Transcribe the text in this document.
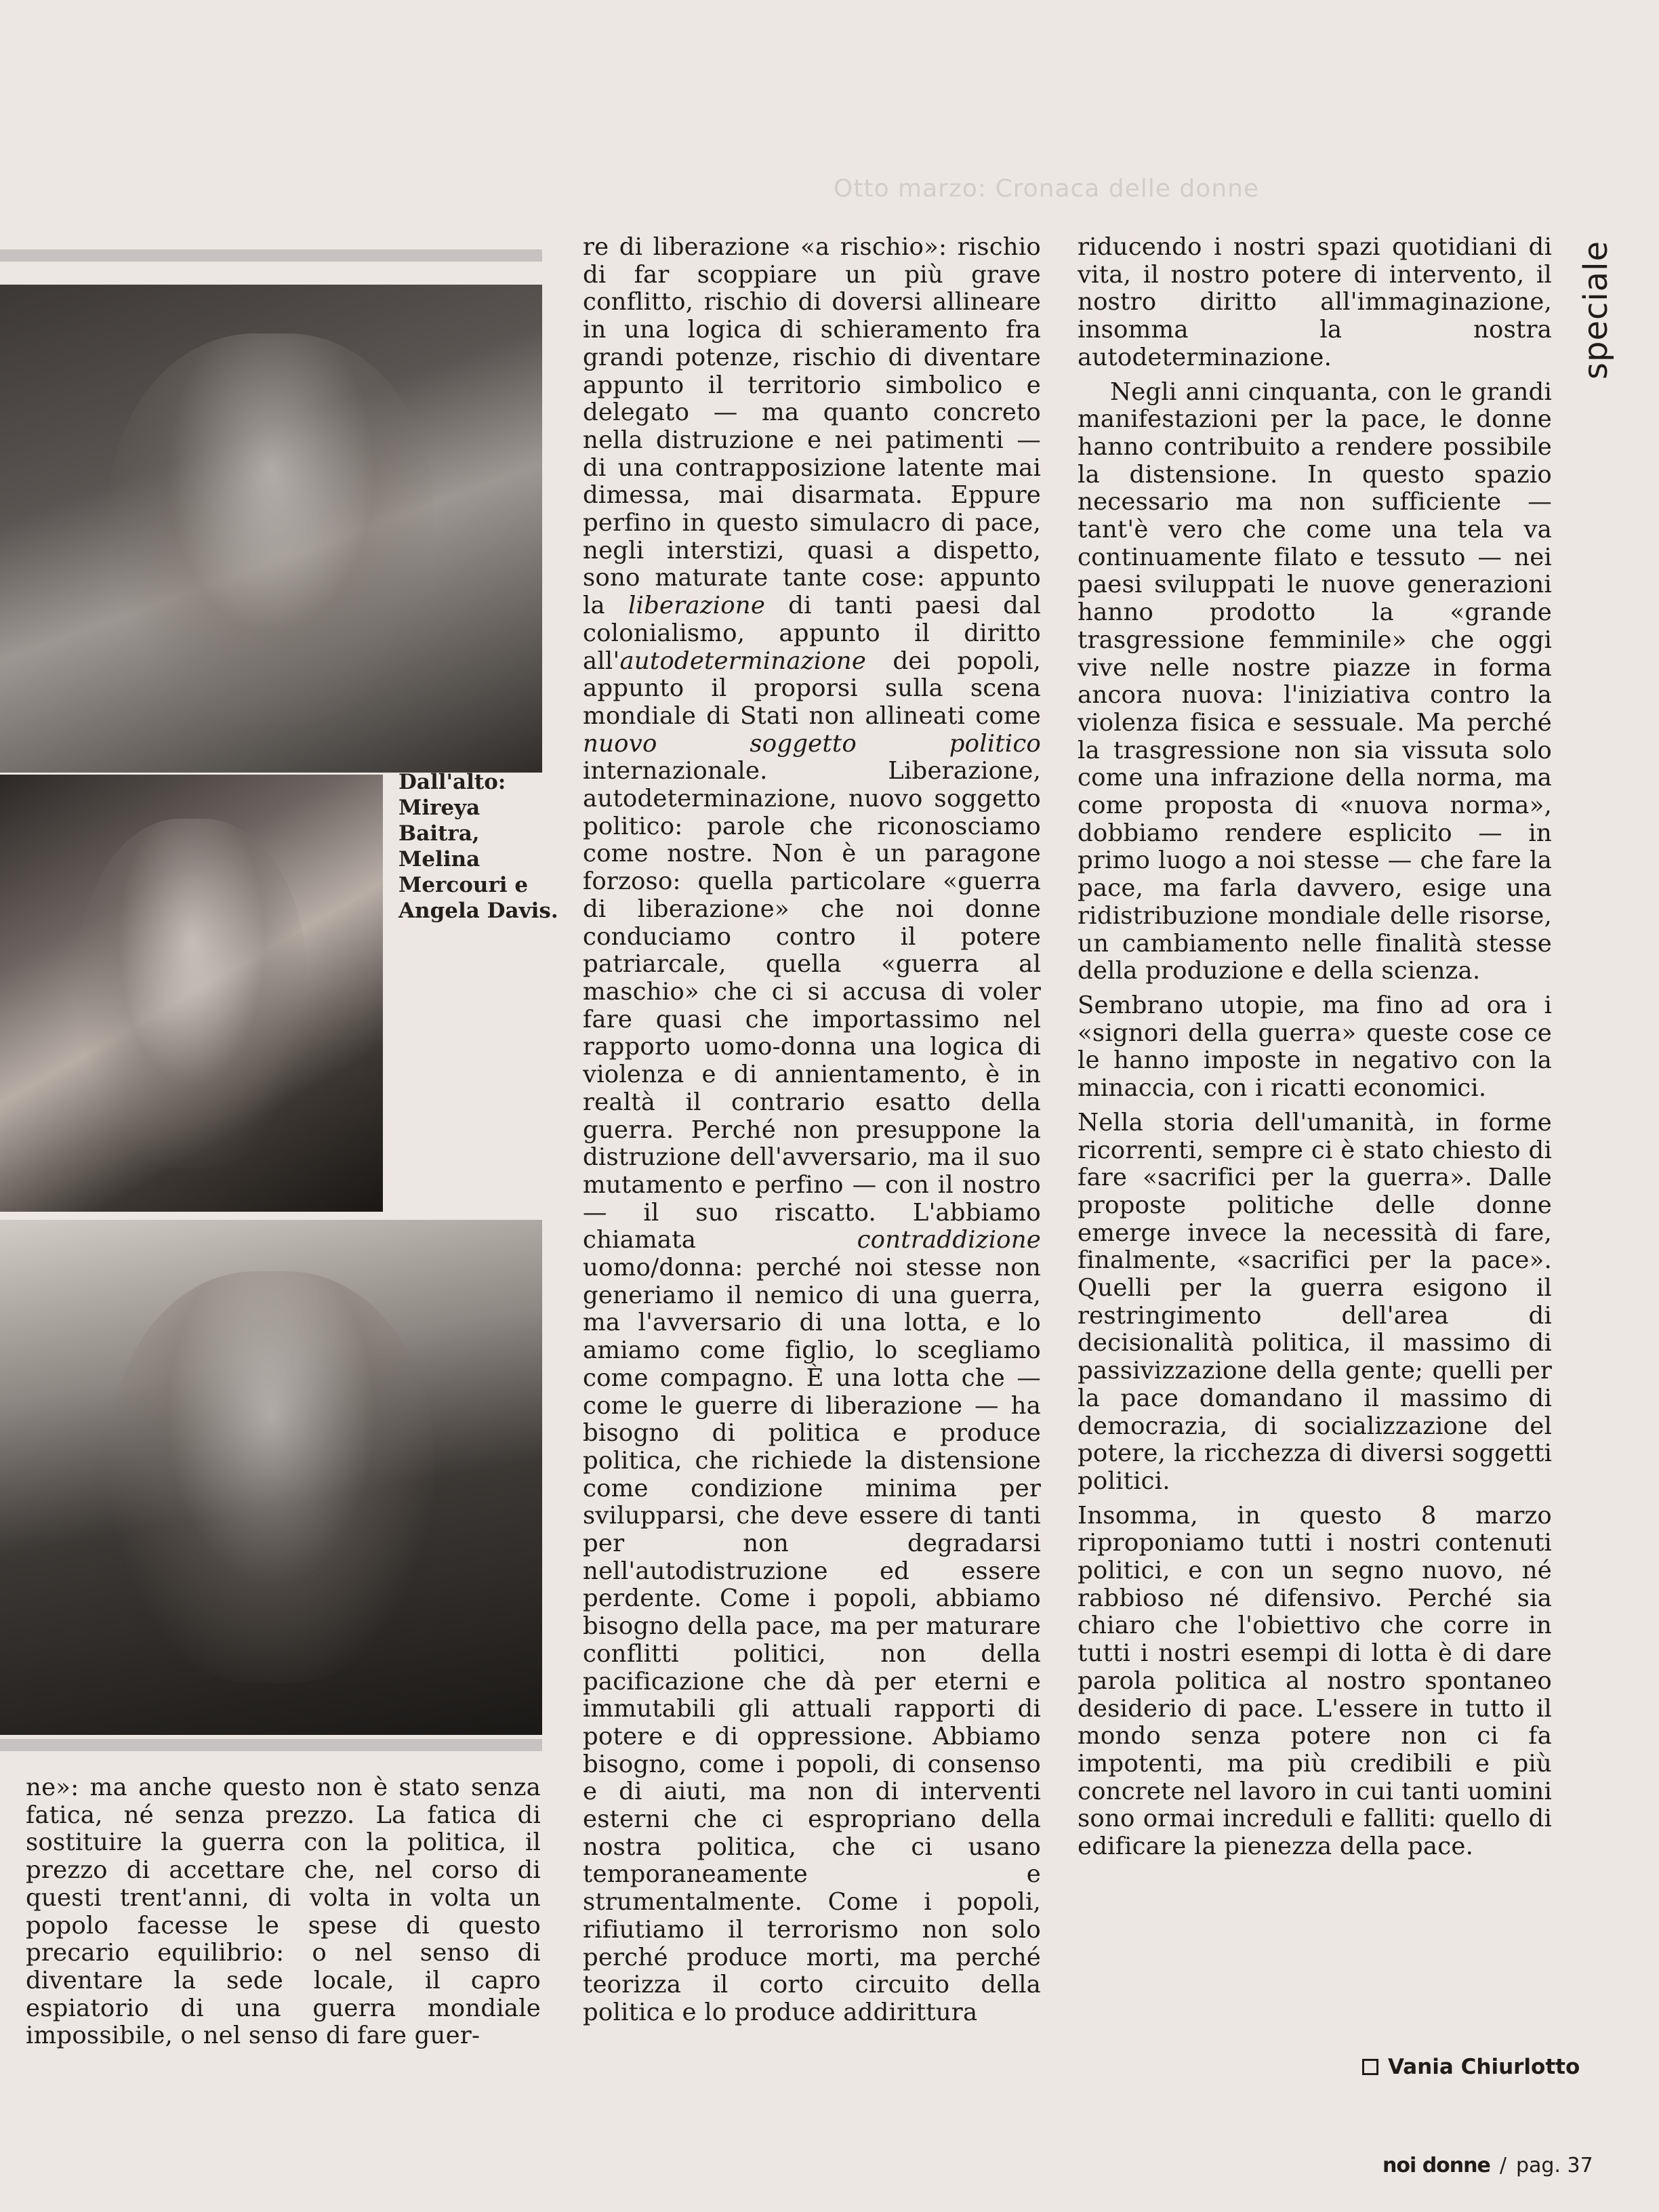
Otto marzo: Cronaca delle donne
speciale
Dall'alto:
Mireya Baitra,
Melina
Mercouri e
Angela Davis.

ne»: ma anche questo non è stato senza fatica, né senza prezzo. La fatica di sostituire la guerra con la politica, il prezzo di accettare che, nel corso di questi trent'anni, di volta in volta un popolo facesse le spese di questo precario equilibrio: o nel senso di diventare la sede locale, il capro espiatorio di una guerra mondiale impossibile, o nel senso di fare guer-

re di liberazione «a rischio»: rischio di far scoppiare un più grave conflitto, rischio di doversi allineare in una logica di schieramento fra grandi potenze, rischio di diventare appunto il territorio simbolico e delegato — ma quanto concreto nella distruzione e nei patimenti — di una contrapposizione latente mai dimessa, mai disarmata. Eppure perfino in questo simulacro di pace, negli interstizi, quasi a dispetto, sono maturate tante cose: appunto la liberazione di tanti paesi dal colonialismo, appunto il diritto all'autodeterminazione dei popoli, appunto il proporsi sulla scena mondiale di Stati non allineati come nuovo soggetto politico internazionale. Liberazione, autodeterminazione, nuovo soggetto politico: parole che riconosciamo come nostre. Non è un paragone forzoso: quella particolare «guerra di liberazione» che noi donne conduciamo contro il potere patriarcale, quella «guerra al maschio» che ci si accusa di voler fare quasi che importassimo nel rapporto uomo-donna una logica di violenza e di annientamento, è in realtà il contrario esatto della guerra. Perché non presuppone la distruzione dell'avversario, ma il suo mutamento e perfino — con il nostro — il suo riscatto. L'abbiamo chiamata contraddizione uomo/donna: perché noi stesse non generiamo il nemico di una guerra, ma l'avversario di una lotta, e lo amiamo come figlio, lo scegliamo come compagno. È una lotta che — come le guerre di liberazione — ha bisogno di politica e produce politica, che richiede la distensione come condizione minima per svilupparsi, che deve essere di tanti per non degradarsi nell'autodistruzione ed essere perdente. Come i popoli, abbiamo bisogno della pace, ma per maturare conflitti politici, non della pacificazione che dà per eterni e immutabili gli attuali rapporti di potere e di oppressione. Abbiamo bisogno, come i popoli, di consenso e di aiuti, ma non di interventi esterni che ci espropriano della nostra politica, che ci usano temporaneamente e strumentalmente. Come i popoli, rifiutiamo il terrorismo non solo perché produce morti, ma perché teorizza il corto circuito della politica e lo produce addirittura

riducendo i nostri spazi quotidiani di vita, il nostro potere di intervento, il nostro diritto all'immaginazione, insomma la nostra autodeterminazione.

Negli anni cinquanta, con le grandi manifestazioni per la pace, le donne hanno contribuito a rendere possibile la distensione. In questo spazio necessario ma non sufficiente — tant'è vero che come una tela va continuamente filato e tessuto — nei paesi sviluppati le nuove generazioni hanno prodotto la «grande trasgressione femminile» che oggi vive nelle nostre piazze in forma ancora nuova: l'iniziativa contro la violenza fisica e sessuale. Ma perché la trasgressione non sia vissuta solo come una infrazione della norma, ma come proposta di «nuova norma», dobbiamo rendere esplicito — in primo luogo a noi stesse — che fare la pace, ma farla davvero, esige una ridistribuzione mondiale delle risorse, un cambiamento nelle finalità stesse della produzione e della scienza.

Sembrano utopie, ma fino ad ora i «signori della guerra» queste cose ce le hanno imposte in negativo con la minaccia, con i ricatti economici.

Nella storia dell'umanità, in forme ricorrenti, sempre ci è stato chiesto di fare «sacrifici per la guerra». Dalle proposte politiche delle donne emerge invece la necessità di fare, finalmente, «sacrifici per la pace». Quelli per la guerra esigono il restringimento dell'area di decisionalità politica, il massimo di passivizzazione della gente; quelli per la pace domandano il massimo di democrazia, di socializzazione del potere, la ricchezza di diversi soggetti politici.

Insomma, in questo 8 marzo riproponiamo tutti i nostri contenuti politici, e con un segno nuovo, né rabbioso né difensivo. Perché sia chiaro che l'obiettivo che corre in tutti i nostri esempi di lotta è di dare parola politica al nostro spontaneo desiderio di pace. L'essere in tutto il mondo senza potere non ci fa impotenti, ma più credibili e più concrete nel lavoro in cui tanti uomini sono ormai increduli e falliti: quello di edificare la pienezza della pace.

Vania Chiurlotto
noi donne / pag. 37
